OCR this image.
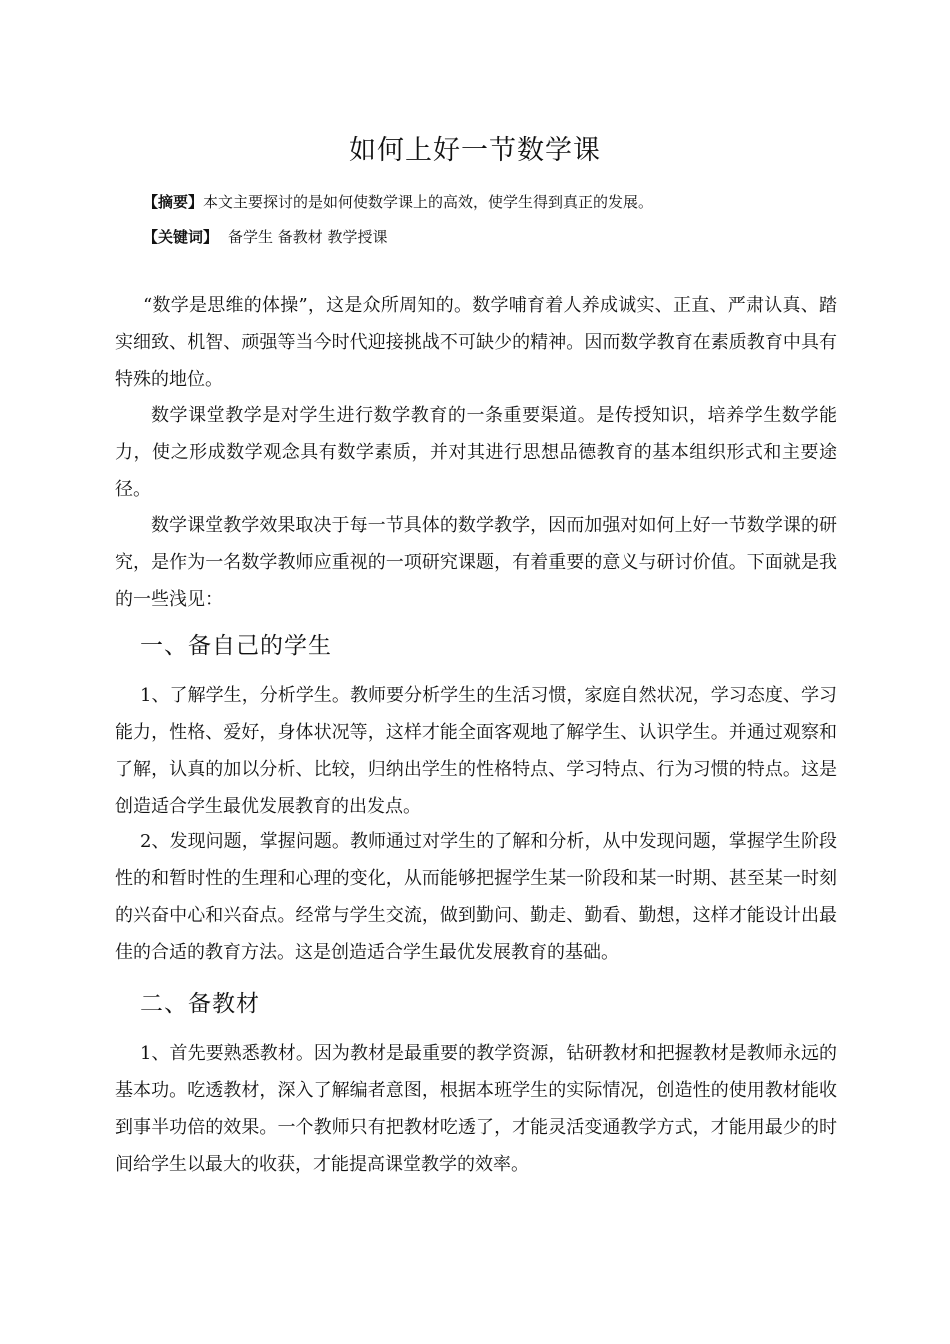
如何上好一节数学课
【摘要】本文主要探讨的是如何使数学课上的高效，使学生得到真正的发展。
【关键词】 备学生 备教材 教学授课

“数学是思维的体操”，这是众所周知的。数学哺育着人养成诚实、正直、严肃认真、踏实细致、机智、顽强等当今时代迎接挑战不可缺少的精神。因而数学教育在素质教育中具有特殊的地位。

数学课堂教学是对学生进行数学教育的一条重要渠道。是传授知识，培养学生数学能力，使之形成数学观念具有数学素质，并对其进行思想品德教育的基本组织形式和主要途径。

数学课堂教学效果取决于每一节具体的数学教学，因而加强对如何上好一节数学课的研究，是作为一名数学教师应重视的一项研究课题，有着重要的意义与研讨价值。下面就是我的一些浅见：

一、备自己的学生

1、了解学生，分析学生。教师要分析学生的生活习惯，家庭自然状况，学习态度、学习能力，性格、爱好，身体状况等，这样才能全面客观地了解学生、认识学生。并通过观察和了解，认真的加以分析、比较，归纳出学生的性格特点、学习特点、行为习惯的特点。这是创造适合学生最优发展教育的出发点。

2、发现问题，掌握问题。教师通过对学生的了解和分析，从中发现问题，掌握学生阶段性的和暂时性的生理和心理的变化，从而能够把握学生某一阶段和某一时期、甚至某一时刻的兴奋中心和兴奋点。经常与学生交流，做到勤问、勤走、勤看、勤想，这样才能设计出最佳的合适的教育方法。这是创造适合学生最优发展教育的基础。

二、备教材

1、首先要熟悉教材。因为教材是最重要的教学资源，钻研教材和把握教材是教师永远的基本功。吃透教材，深入了解编者意图，根据本班学生的实际情况，创造性的使用教材能收到事半功倍的效果。一个教师只有把教材吃透了，才能灵活变通教学方式，才能用最少的时间给学生以最大的收获，才能提高课堂教学的效率。
